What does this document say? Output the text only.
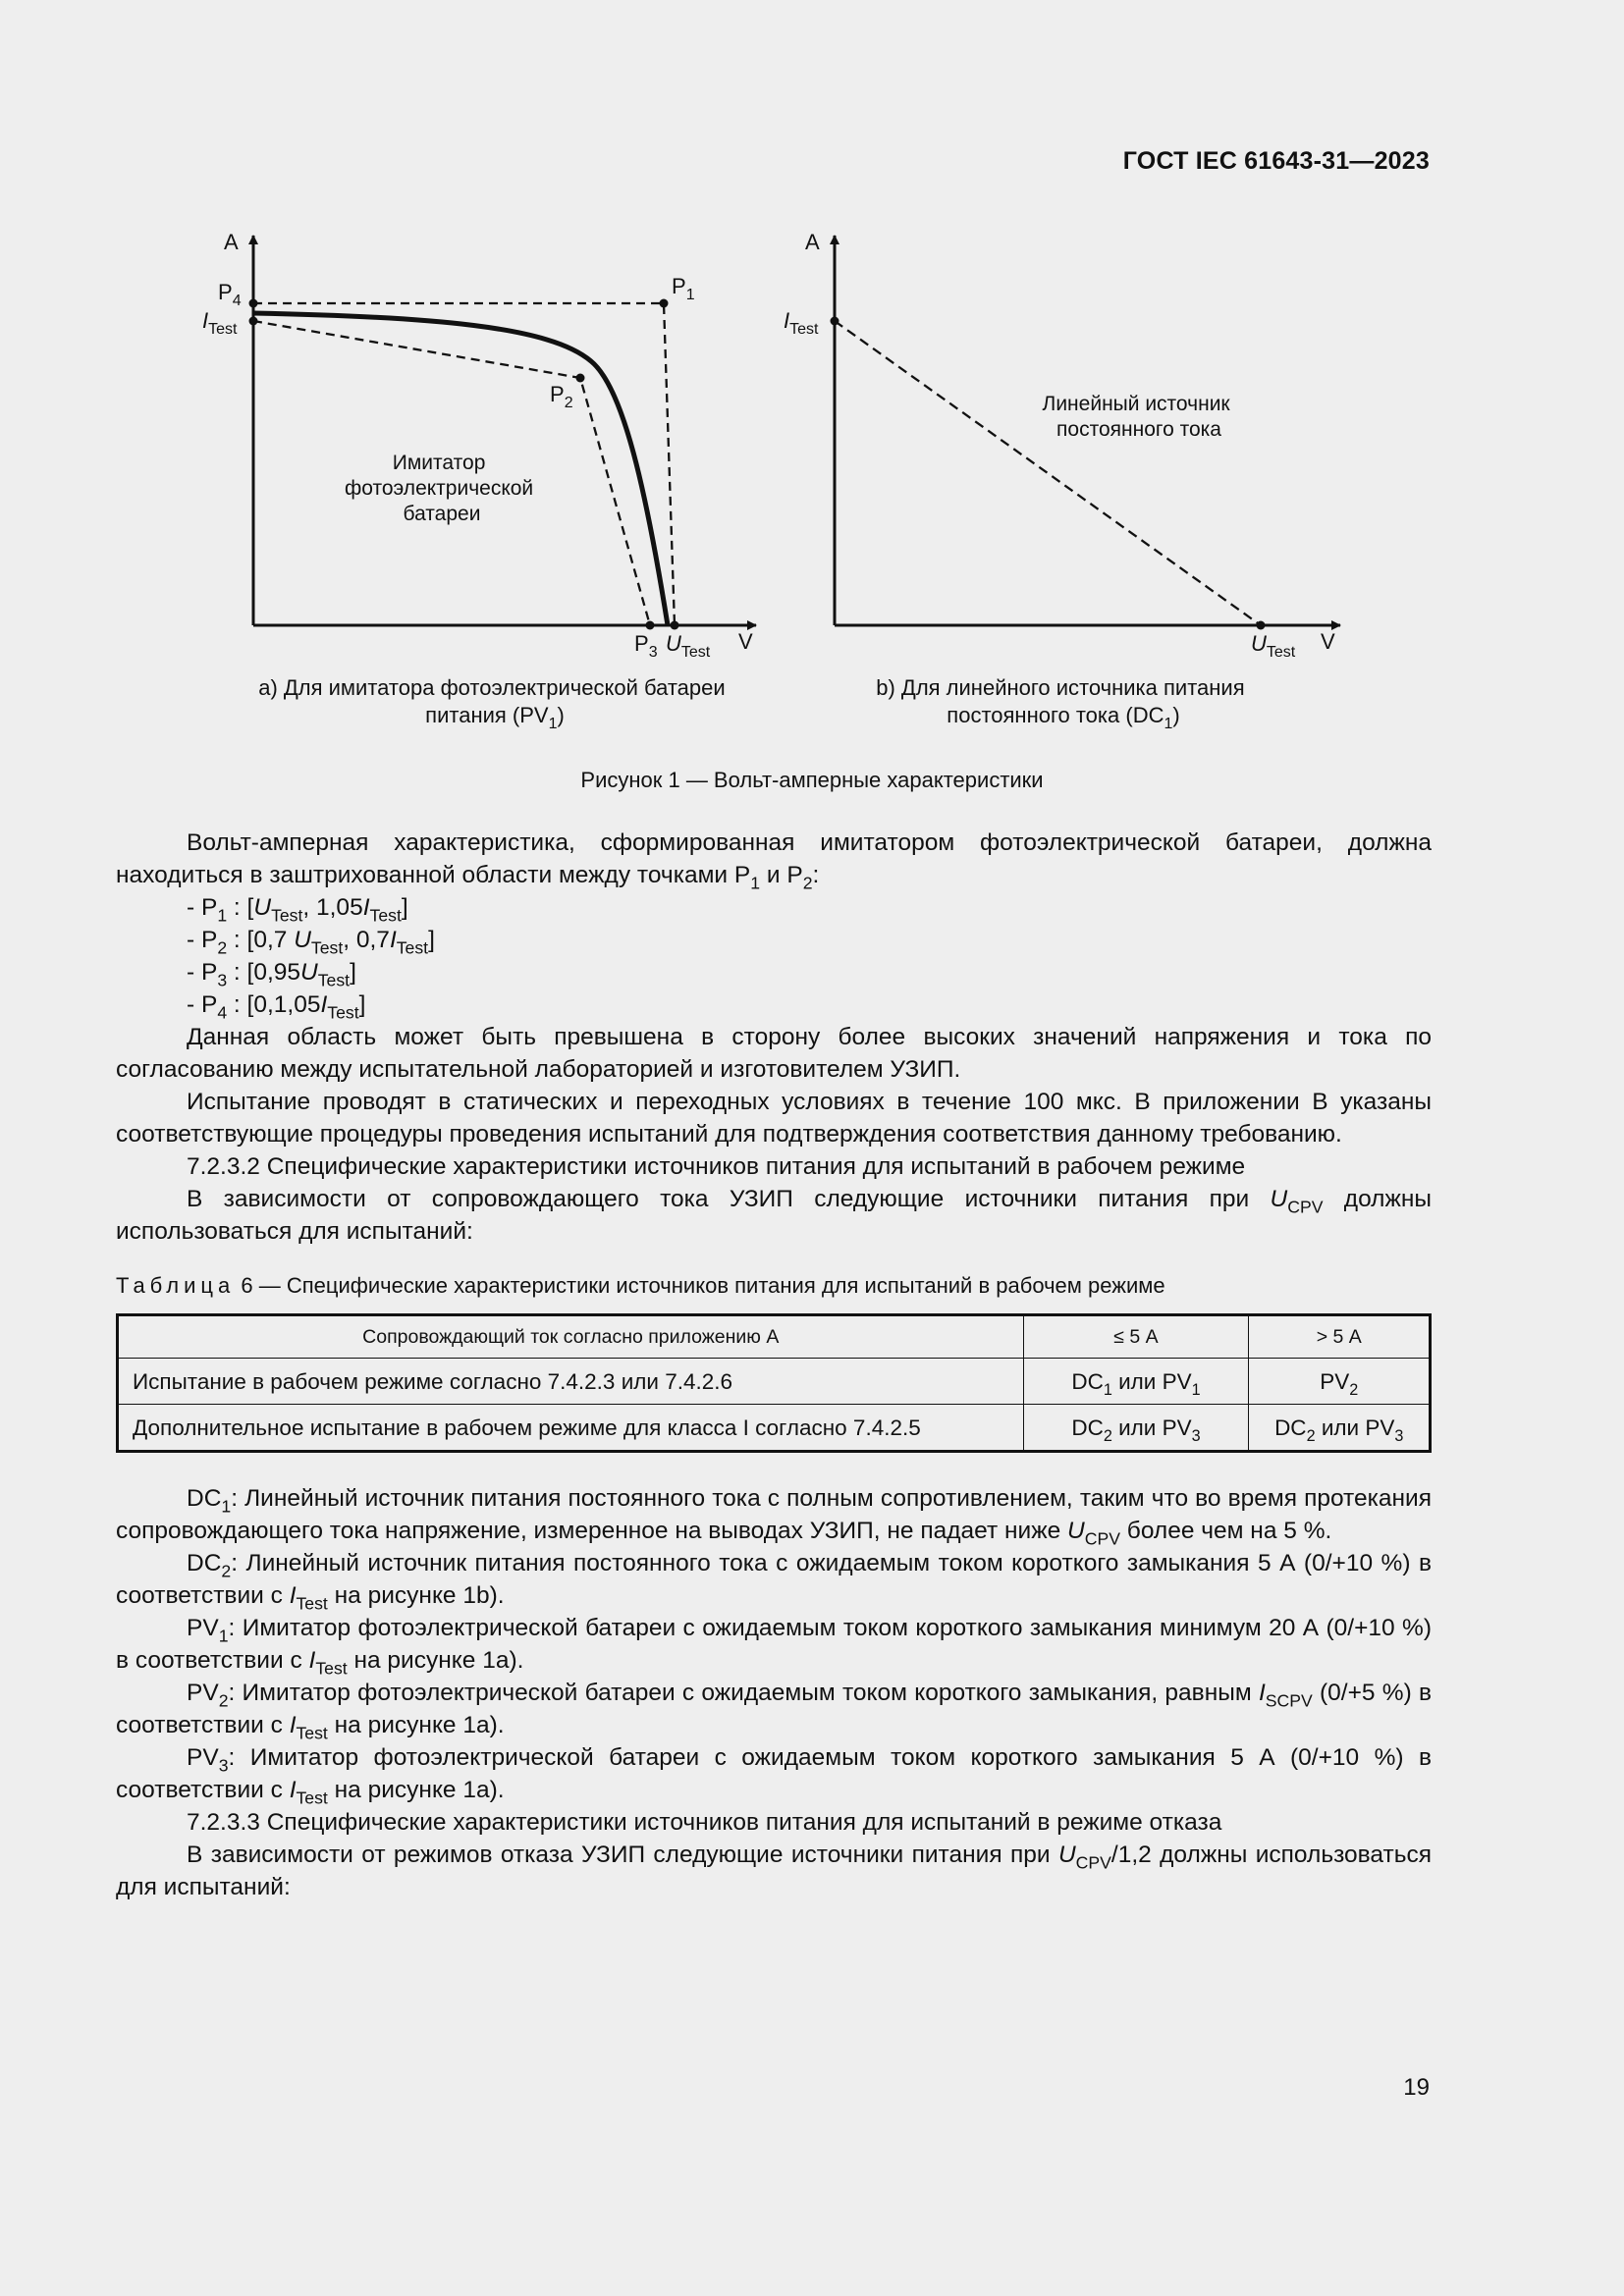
ГОСТ IEC 61643-31—2023
A
V
$P_4$
$I_{Test}$
$P_1$
$P_2$
$P_3$ $U_{Test}$
Имитатор фотоэлектрической батареи
а) Для имитатора фотоэлектрической батареи питания $(PV_1)$
A
V
$I_{Test}$
$U_{Test}$
Линейный источник постоянного тока
b) Для линейного источника питания постоянного тока $(DC_1)$
Рисунок 1 — Вольт-амперные характеристики

Вольт-амперная характеристика, сформированная имитатором фотоэлектрической батареи, должна находиться в заштрихованной области между точками $Р_1$ и $Р_2$:

- $Р_1$ : [$U_{Test}$, $1,05I_{Test}$]

- $Р_2$ : [0,7 $U_{Test}$, $0,7I_{Test}$]

- $Р_3$ : $[0,95U_{Test}]$

- $Р_4$ : $[0,1,05I_{Test}]$

Данная область может быть превышена в сторону более высоких значений напряжения и тока по согласованию между испытательной лабораторией и изготовителем УЗИП.

Испытание проводят в статических и переходных условиях в течение 100 мкс. В приложении В указаны соответствующие процедуры проведения испытаний для подтверждения соответствия данному требованию.

7.2.3.2 Специфические характеристики источников питания для испытаний в рабочем режиме

В зависимости от сопровождающего тока УЗИП следующие источники питания при $U_{CPV}$ должны использоваться для испытаний:

Таблица 6 — Специфические характеристики источников питания для испытаний в рабочем режиме
Сопровождающий ток согласно приложению А	≤ 5 А	> 5 А
Испытание в рабочем режиме согласно 7.4.2.3 или 7.4.2.6	$DC_1$ или $PV_1$	$PV_2$
Дополнительное испытание в рабочем режиме для класса I согласно 7.4.2.5	$DC_2$ или $PV_3$	$DC_2$ или $PV_3$

$DC_1$: Линейный источник питания постоянного тока с полным сопротивлением, таким что во время протекания сопровождающего тока напряжение, измеренное на выводах УЗИП, не падает ниже $U_{CPV}$ более чем на 5 %.

$DC_2$: Линейный источник питания постоянного тока с ожидаемым током короткого замыкания 5 А (0/+10 %) в соответствии с $I_{Test}$ на рисунке 1b).

$PV_1$: Имитатор фотоэлектрической батареи с ожидаемым током короткого замыкания минимум 20 А (0/+10 %) в соответствии с $I_{Test}$ на рисунке 1а).

$PV_2$: Имитатор фотоэлектрической батареи с ожидаемым током короткого замыкания, равным $I_{SCPV}$ (0/+5 %) в соответствии с $I_{Test}$ на рисунке 1а).

$PV_3$: Имитатор фотоэлектрической батареи с ожидаемым током короткого замыкания 5 А (0/+10 %) в соответствии с $I_{Test}$ на рисунке 1а).

7.2.3.3 Специфические характеристики источников питания для испытаний в режиме отказа

В зависимости от режимов отказа УЗИП следующие источники питания при $U_{CPV}/1,2$ должны использоваться для испытаний:

19
